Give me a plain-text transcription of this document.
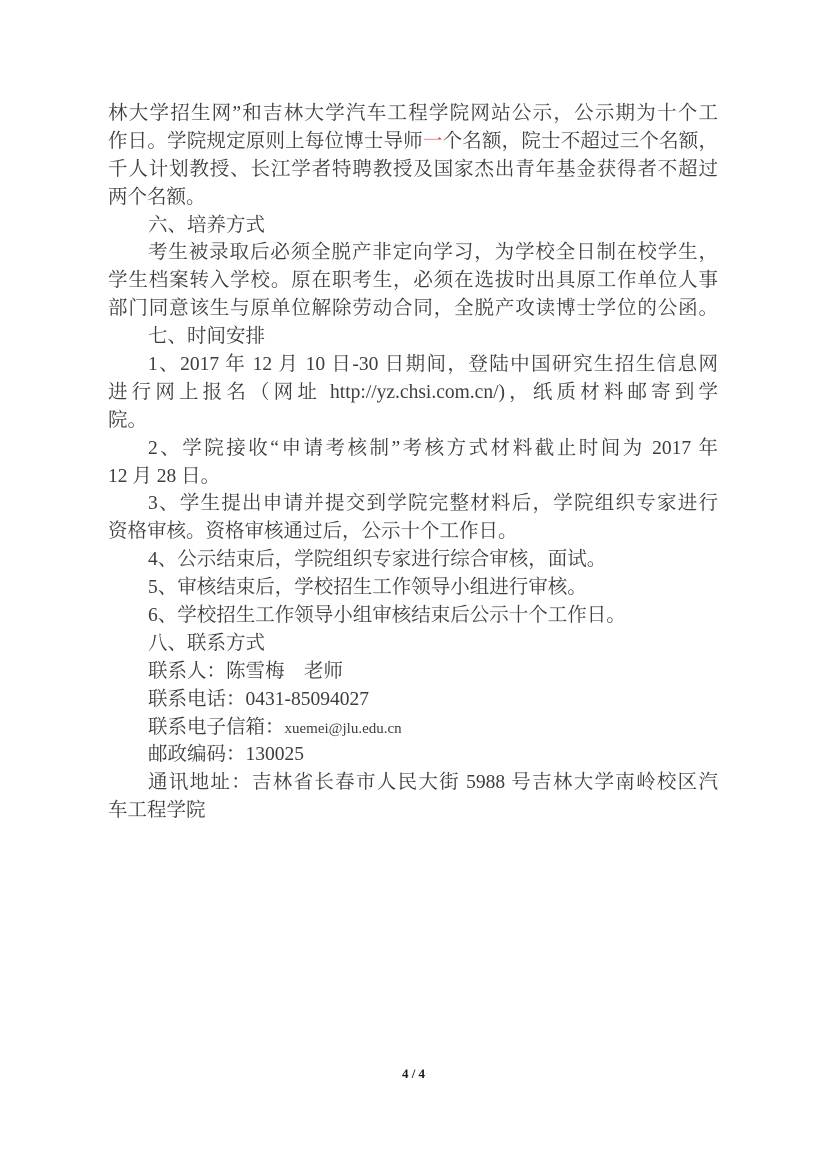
林大学招生网”和吉林大学汽车工程学院网站公示，公示期为十个工
作日。学院规定原则上每位博士导师一个名额，院士不超过三个名额，
千人计划教授、长江学者特聘教授及国家杰出青年基金获得者不超过
两个名额。
六、培养方式
考生被录取后必须全脱产非定向学习，为学校全日制在校学生，
学生档案转入学校。原在职考生，必须在选拔时出具原工作单位人事
部门同意该生与原单位解除劳动合同，全脱产攻读博士学位的公函。
七、时间安排
1、2017 年 12 月 10 日-30 日期间，登陆中国研究生招生信息网
进行网上报名（网址 http://yz.chsi.com.cn/)，纸质材料邮寄到学
院。
2、学院接收“申请考核制”考核方式材料截止时间为 2017 年
12 月 28 日。
3、学生提出申请并提交到学院完整材料后，学院组织专家进行
资格审核。资格审核通过后，公示十个工作日。
4、公示结束后，学院组织专家进行综合审核，面试。
5、审核结束后，学校招生工作领导小组进行审核。
6、学校招生工作领导小组审核结束后公示十个工作日。
八、联系方式
联系人：陈雪梅　老师
联系电话：0431-85094027
联系电子信箱：xuemei@jlu.edu.cn
邮政编码：130025
通讯地址：吉林省长春市人民大街 5988 号吉林大学南岭校区汽
车工程学院
4 / 4
